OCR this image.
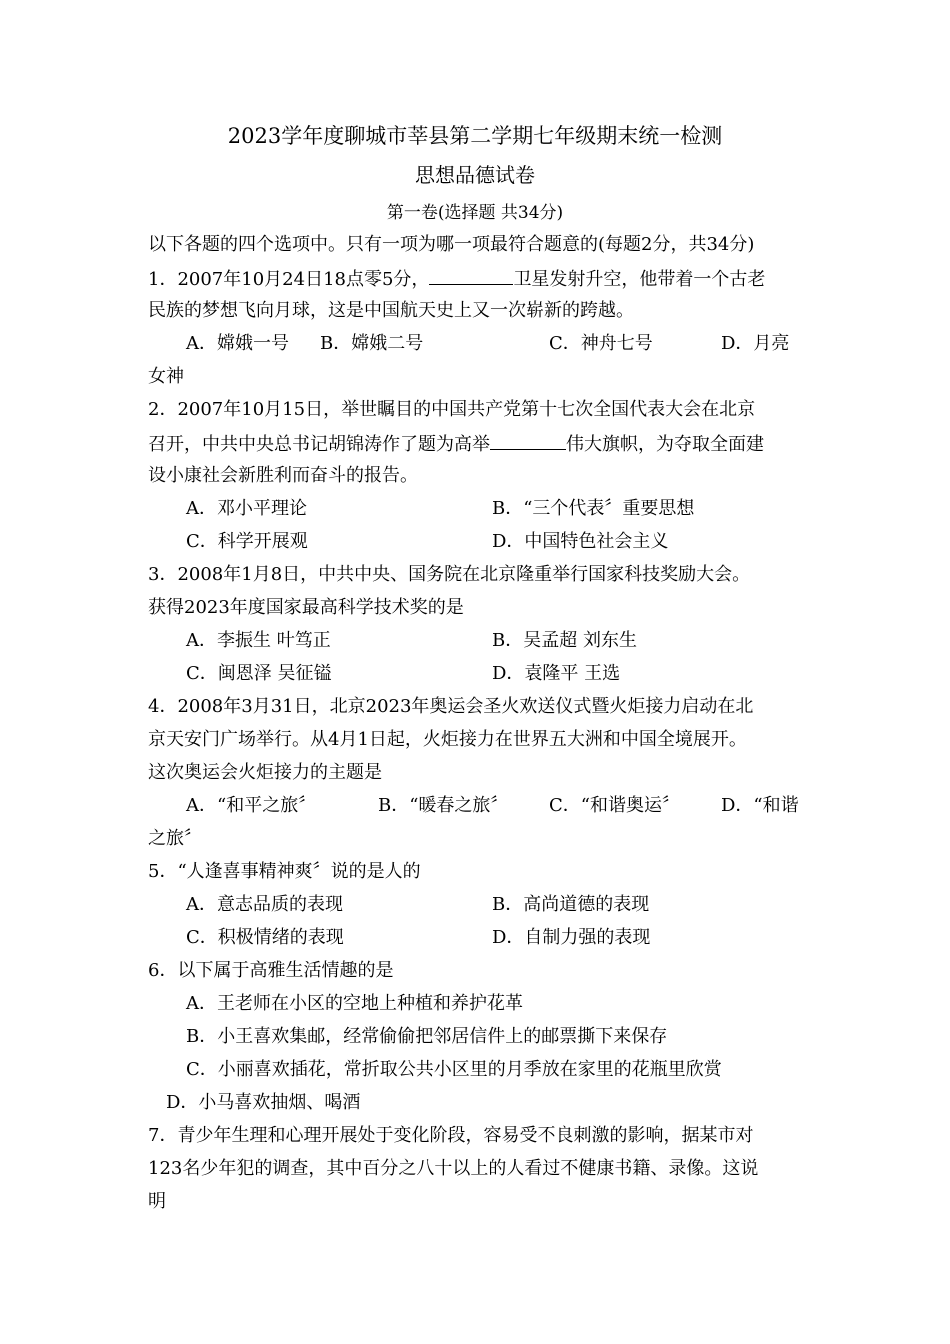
2023学年度聊城市莘县第二学期七年级期末统一检测
思想品德试卷
第一卷(选择题 共34分)
以下各题的四个选项中。只有一项为哪一项最符合题意的(每题2分，共34分)
1．2007年10月24日18点零5分，	卫星发射升空，他带着一个古老
民族的梦想飞向月球，这是中国航天史上又一次崭新的跨越。
A．嫦娥一号 B．嫦娥二号	C．神舟七号	D．月亮
女神
2．2007年10月15日，举世瞩目的中国共产党第十七次全国代表大会在北京
召开，中共中央总书记胡锦涛作了题为高举	伟大旗帜，为夺取全面建
设小康社会新胜利而奋斗的报告。
A．邓小平理论	B．“三个代表〞重要思想
C．科学开展观	D．中国特色社会主义
3．2008年1月8日，中共中央、国务院在北京隆重举行国家科技奖励大会。
获得2023年度国家最高科学技术奖的是
A．李振生 叶笃正	B．吴孟超 刘东生
C．闽恩泽 吴征镒	D．袁隆平 王选
4．2008年3月31日，北京2023年奥运会圣火欢送仪式暨火炬接力启动在北
京天安门广场举行。从4月1日起，火炬接力在世界五大洲和中国全境展开。
这次奥运会火炬接力的主题是
A．“和平之旅〞	B．“暖春之旅〞 C．“和谐奥运〞 D．“和谐
之旅〞
5．“人逢喜事精神爽〞说的是人的
A．意志品质的表现	B．高尚道德的表现
C．积极情绪的表现	D．自制力强的表现
6．以下属于高雅生活情趣的是
A．王老师在小区的空地上种植和养护花革
B．小王喜欢集邮，经常偷偷把邻居信件上的邮票撕下来保存
C．小丽喜欢插花，常折取公共小区里的月季放在家里的花瓶里欣赏
D．小马喜欢抽烟、喝酒
7．青少年生理和心理开展处于变化阶段，容易受不良刺激的影响，据某市对
123名少年犯的调查，其中百分之八十以上的人看过不健康书籍、录像。这说
明
